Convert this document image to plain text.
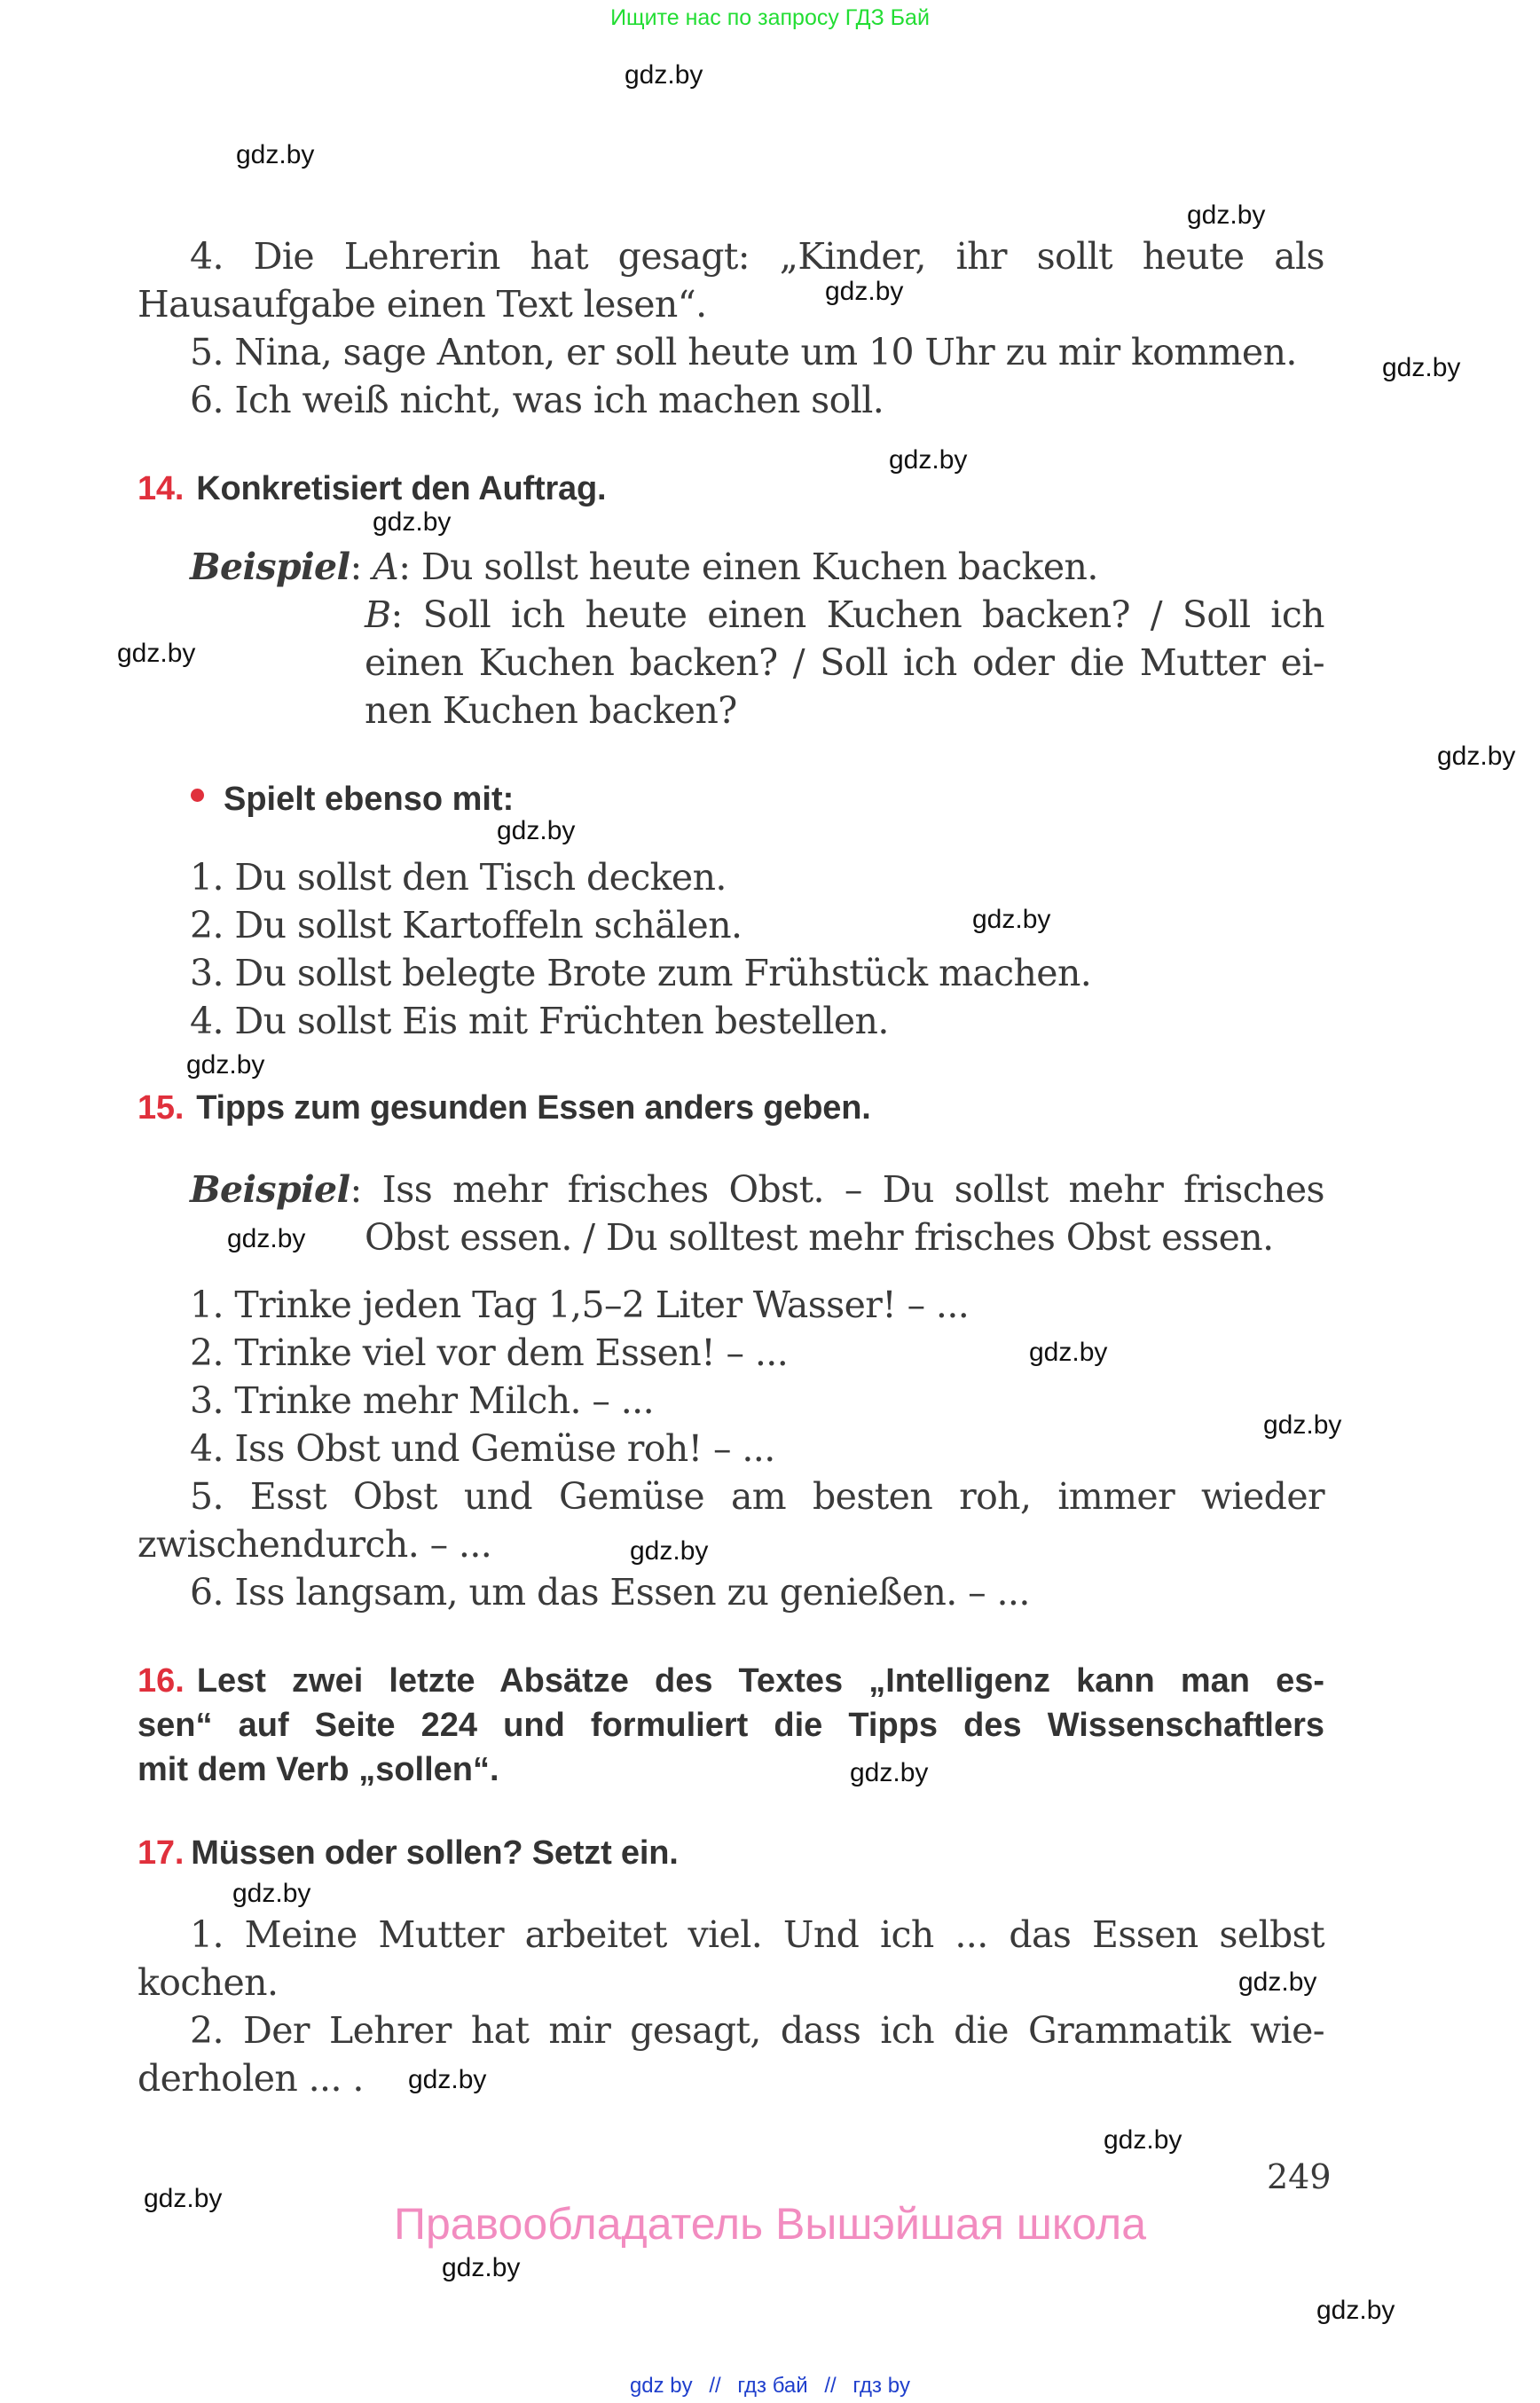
Ищите нас по запросу ГДЗ Бай
gdz.by
gdz.by
gdz.by
gdz.by
gdz.by
gdz.by
gdz.by
gdz.by
gdz.by
gdz.by
gdz.by
gdz.by
gdz.by
gdz.by
gdz.by
gdz.by
gdz.by
gdz.by
gdz.by
gdz.by
gdz.by
gdz.by
gdz.by
gdz.by
4. Die Lehrerin hat gesagt: „Kinder, ihr sollt heute als
Hausaufgabe einen Text lesen“.
5. Nina, sage Anton, er soll heute um 10 Uhr zu mir kommen.
6. Ich weiß nicht, was ich machen soll.
14. Konkretisiert den Auftrag.
Beispiel: A: Du sollst heute einen Kuchen backen.
B: Soll ich heute einen Kuchen backen? / Soll ich
einen Kuchen backen? / Soll ich oder die Mutter ei-
nen Kuchen backen?
Spielt ebenso mit:
1. Du sollst den Tisch decken.
2. Du sollst Kartoffeln schälen.
3. Du sollst belegte Brote zum Frühstück machen.
4. Du sollst Eis mit Früchten bestellen.
15. Tipps zum gesunden Essen anders geben.
Beispiel: Iss mehr frisches Obst. – Du sollst mehr frisches
Obst essen. / Du solltest mehr frisches Obst essen.
1. Trinke jeden Tag 1,5–2 Liter Wasser! – ...
2. Trinke viel vor dem Essen! – ...
3. Trinke mehr Milch. – ...
4. Iss Obst und Gemüse roh! – ...
5. Esst Obst und Gemüse am besten roh, immer wieder
zwischendurch. – ...
6. Iss langsam, um das Essen zu genießen. – ...
16. Lest zwei letzte Absätze des Textes „Intelligenz kann man es-
sen“ auf Seite 224 und formuliert die Tipps des Wissenschaftlers
mit dem Verb „sollen“.
17. Müssen oder sollen? Setzt ein.
1. Meine Mutter arbeitet viel. Und ich ... das Essen selbst
kochen.
2. Der Lehrer hat mir gesagt, dass ich die Grammatik wie-
derholen ... .
249
Правообладатель Вышэйшая школа
gdz by // гдз бай // гдз by
